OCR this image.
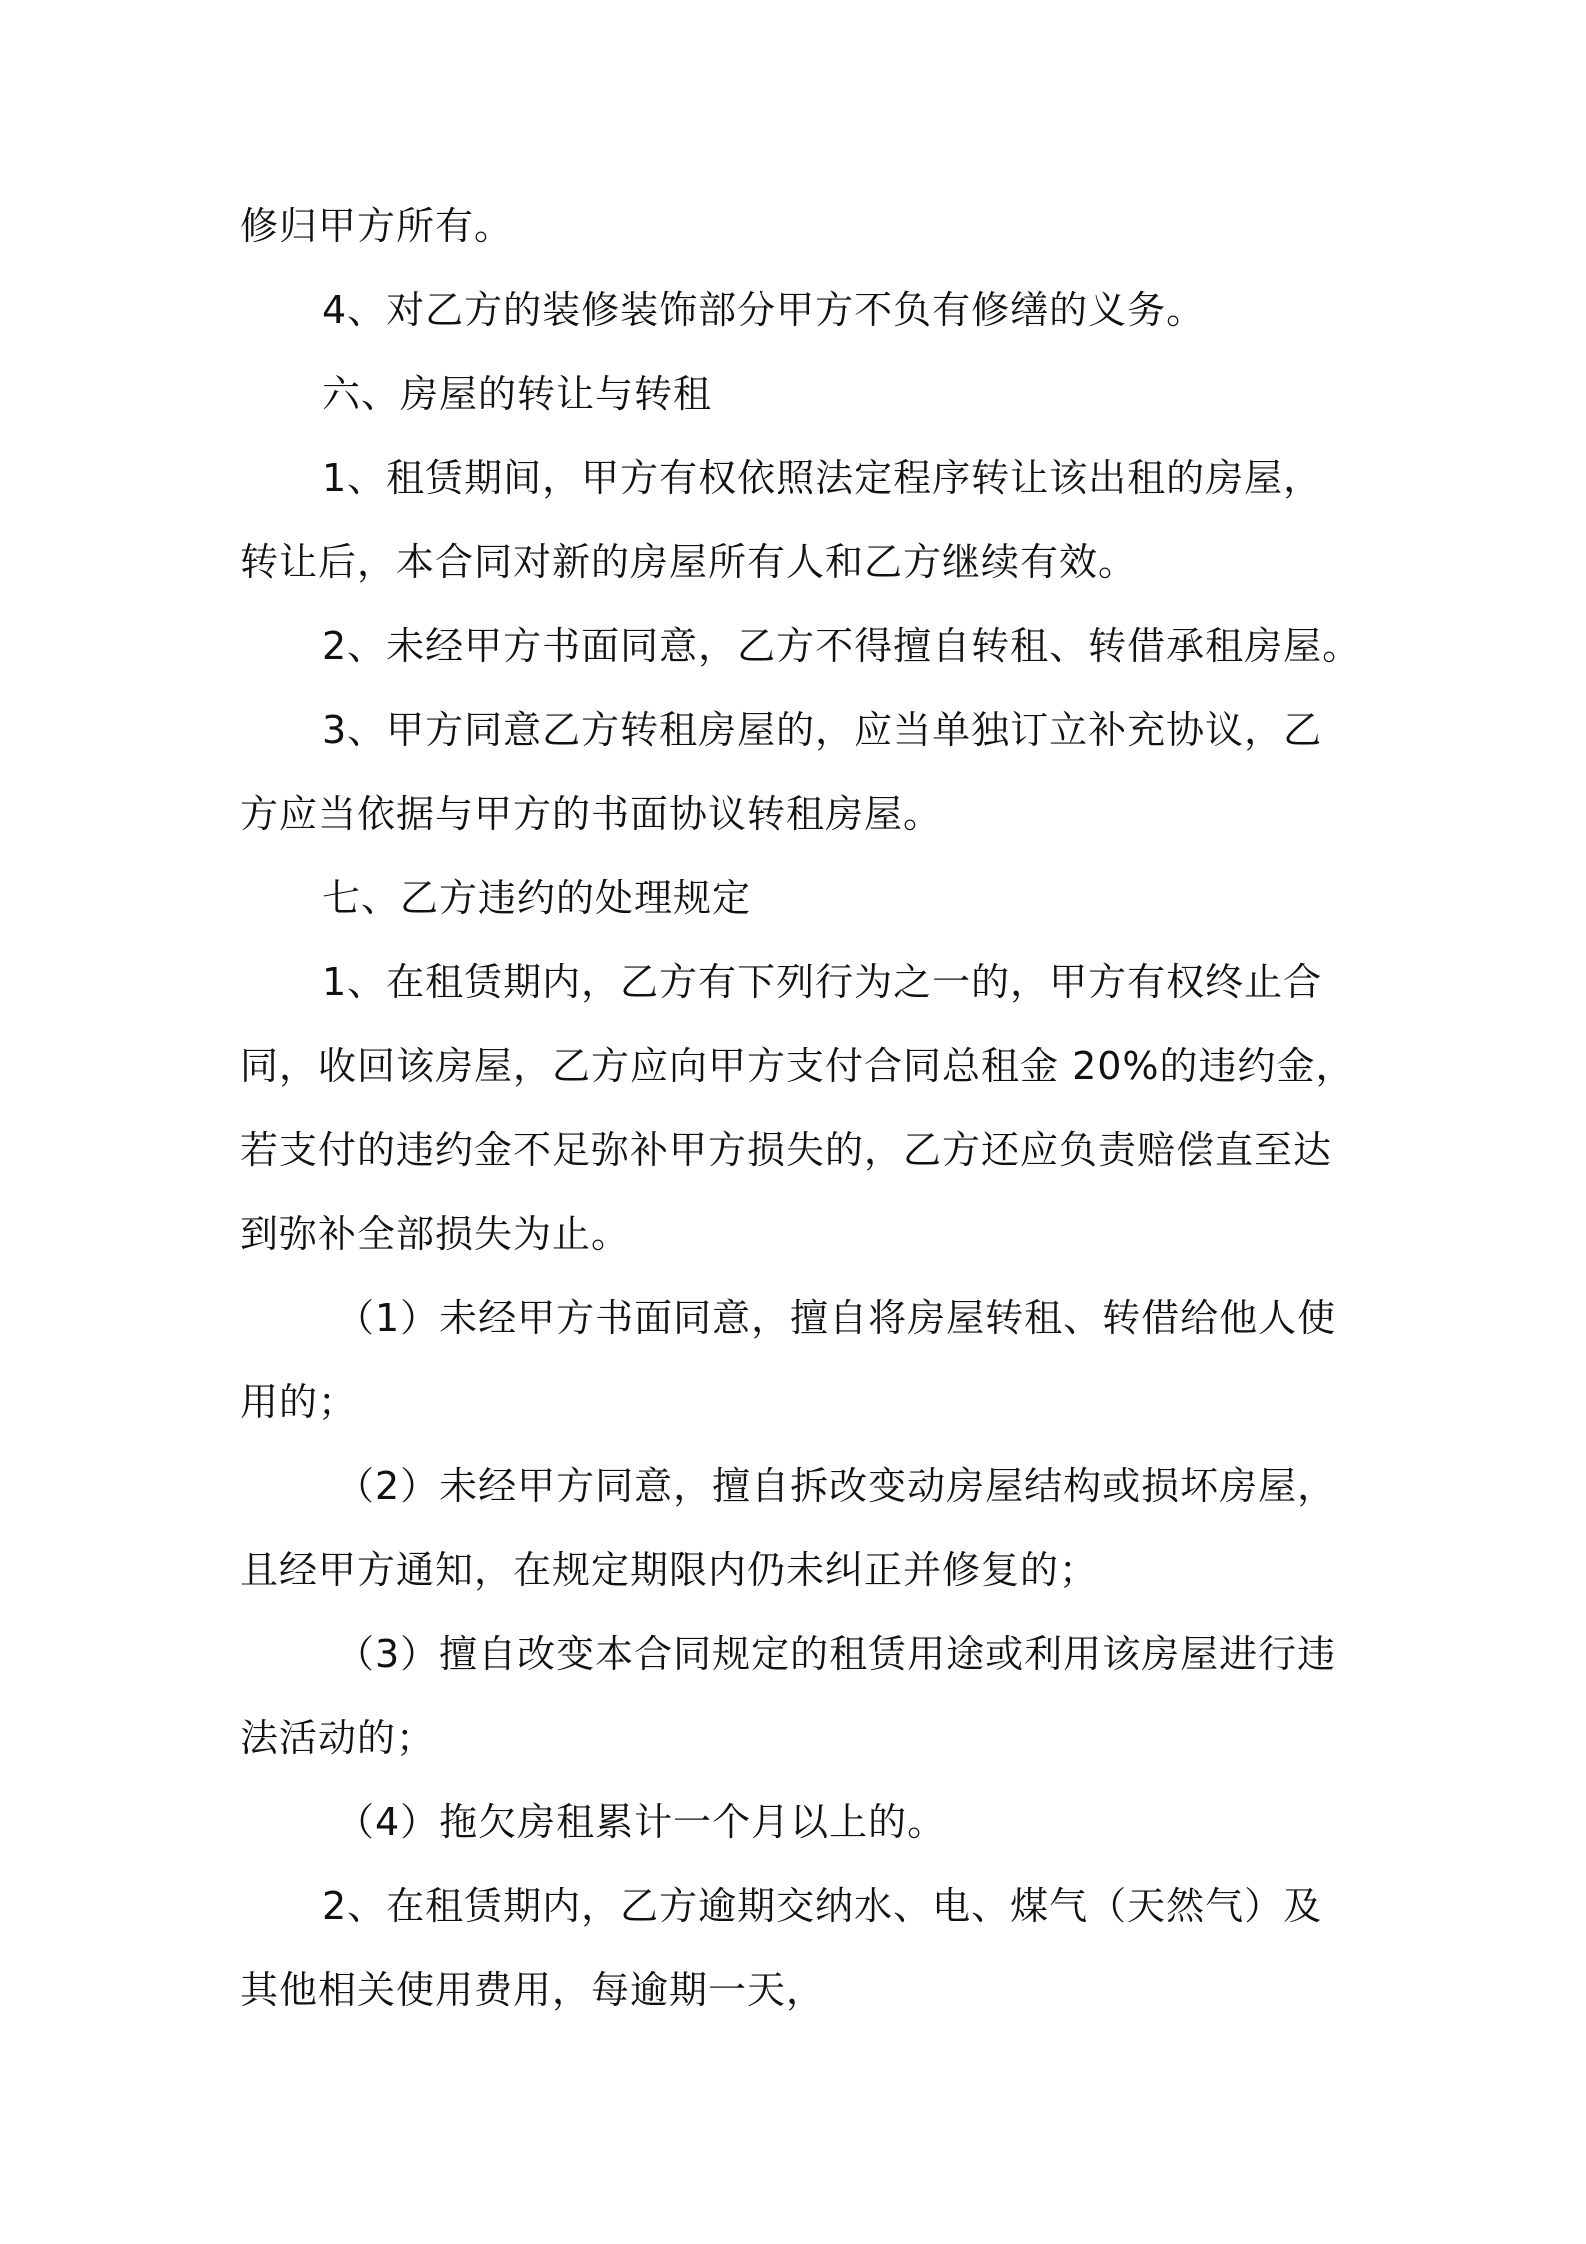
修归甲方所有。
4、对乙方的装修装饰部分甲方不负有修缮的义务。
六、房屋的转让与转租
1、租赁期间，甲方有权依照法定程序转让该出租的房屋，
转让后，本合同对新的房屋所有人和乙方继续有效。
2、未经甲方书面同意，乙方不得擅自转租、转借承租房屋。
3、甲方同意乙方转租房屋的，应当单独订立补充协议，乙
方应当依据与甲方的书面协议转租房屋。
七、乙方违约的处理规定
1、在租赁期内，乙方有下列行为之一的，甲方有权终止合
同，收回该房屋，乙方应向甲方支付合同总租金 20%的违约金，
若支付的违约金不足弥补甲方损失的，乙方还应负责赔偿直至达
到弥补全部损失为止。
（1）未经甲方书面同意，擅自将房屋转租、转借给他人使
用的；
（2）未经甲方同意，擅自拆改变动房屋结构或损坏房屋，
且经甲方通知，在规定期限内仍未纠正并修复的；
（3）擅自改变本合同规定的租赁用途或利用该房屋进行违
法活动的；
（4）拖欠房租累计一个月以上的。
2、在租赁期内，乙方逾期交纳水、电、煤气（天然气）及
其他相关使用费用，每逾期一天，
